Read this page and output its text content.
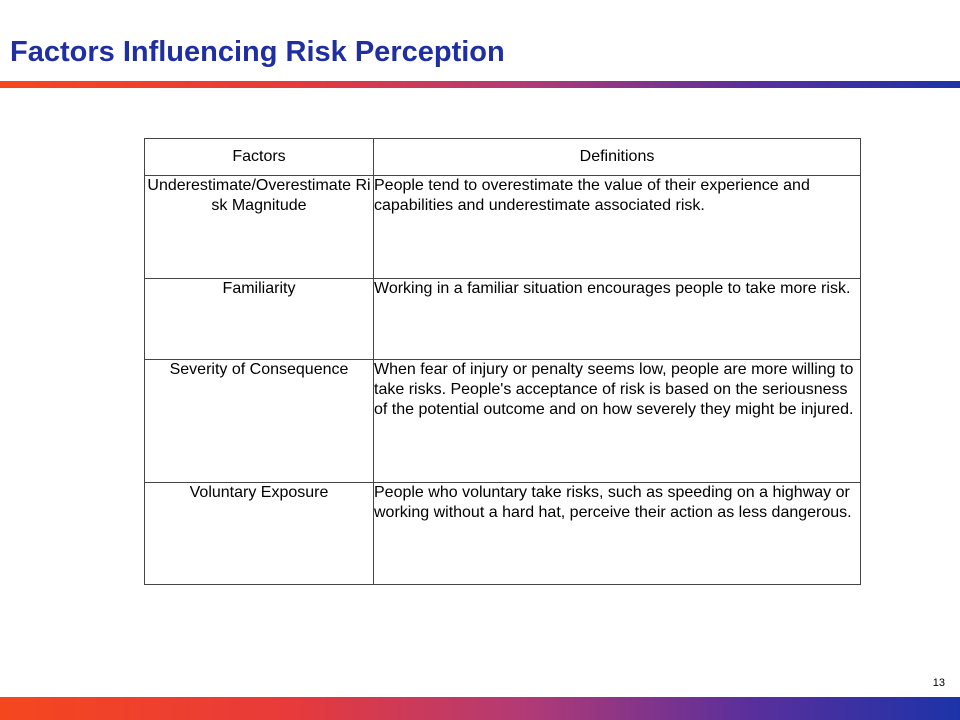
Factors Influencing Risk Perception
Factors	Definitions
Underestimate/Overestimate Risk Magnitude	People tend to overestimate the value of their experience and capabilities and underestimate associated risk.
Familiarity	Working in a familiar situation encourages people to take more risk.
Severity of Consequence	When fear of injury or penalty seems low, people are more willing to take risks. People's acceptance of risk is based on the seriousness of the potential outcome and on how severely they might be injured.
Voluntary Exposure	People who voluntary take risks, such as speeding on a highway or working without a hard hat, perceive their action as less dangerous.
13
